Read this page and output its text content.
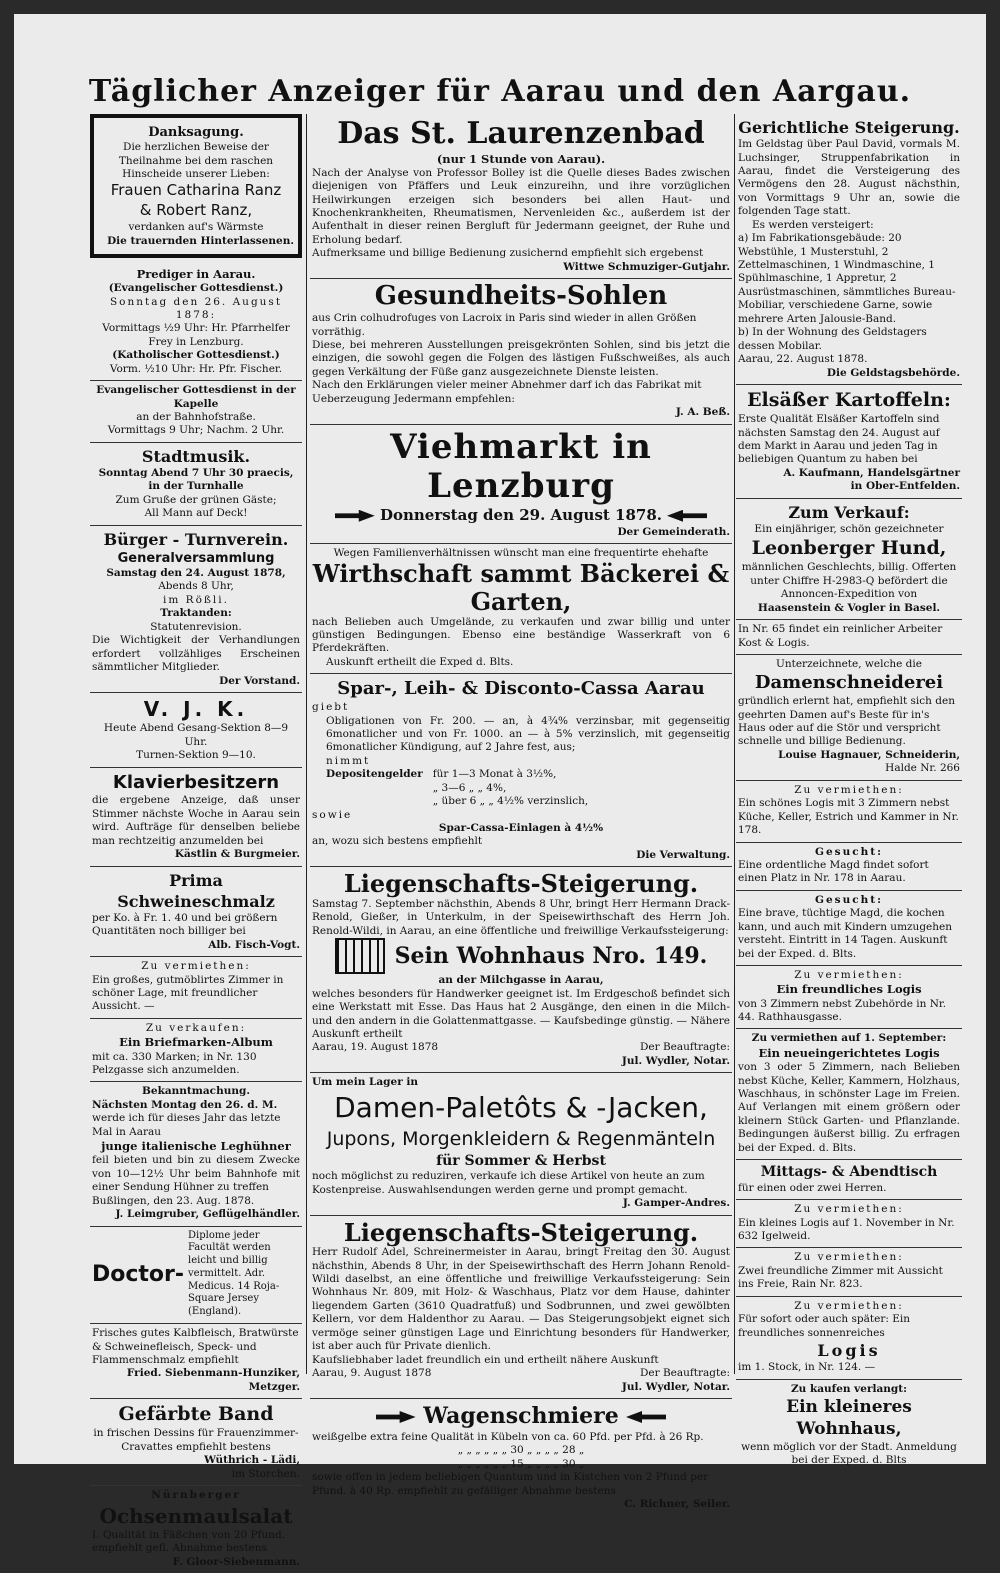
Täglicher Anzeiger für Aarau und den Aargau.
Danksagung.
Die herzlichen Beweise der Theilnahme bei dem raschen Hinscheide unserer Lieben:
Frauen Catharina Ranz
& Robert Ranz,
verdanken auf's Wärmste
Die trauernden Hinterlassenen.
Prediger in Aarau.
(Evangelischer Gottesdienst.)
Sonntag den 26. August 1878:
Vormittags ½9 Uhr: Hr. Pfarrhelfer Frey in Lenzburg.
(Katholischer Gottesdienst.)
Vorm. ½10 Uhr: Hr. Pfr. Fischer.
Evangelischer Gottesdienst in der Kapelle
an der Bahnhofstraße.
Vormittags 9 Uhr; Nachm. 2 Uhr.
Stadtmusik.
Sonntag Abend 7 Uhr 30 praecis,
in der Turnhalle
Zum Gruße der grünen Gäste;
All Mann auf Deck!
Bürger - Turnverein.
Generalversammlung
Samstag den 24. August 1878,
Abends 8 Uhr,
im Rößli.
Traktanden:
Statutenrevision.
Die Wichtigkeit der Verhandlungen erfordert vollzähliges Erscheinen sämmtlicher Mitglieder.
Der Vorstand.
V. J. K.
Heute Abend Gesang-Sektion 8—9 Uhr.
Turnen-Sektion 9—10.
Klavierbesitzern
die ergebene Anzeige, daß unser Stimmer nächste Woche in Aarau sein wird. Aufträge für denselben beliebe man rechtzeitig anzumelden bei
Kästlin & Burgmeier.
Prima Schweineschmalz
per Ko. à Fr. 1. 40 und bei größern Quantitäten noch billiger bei
Alb. Fisch-Vogt.
Zu vermiethen:
Ein großes, gutmöblirtes Zimmer in schöner Lage, mit freundlicher Aussicht. —
Zu verkaufen:
Ein Briefmarken-Album
mit ca. 330 Marken; in Nr. 130 Pelzgasse sich anzumelden.
Bekanntmachung.
Nächsten Montag den 26. d. M.
werde ich für dieses Jahr das letzte Mal in Aarau
junge italienische Leghühner
feil bieten und bin zu diesem Zwecke von 10—12½ Uhr beim Bahnhofe mit einer Sendung Hühner zu treffen
Bußlingen, den 23. Aug. 1878.
J. Leimgruber, Geflügelhändler.
Doctor-
Diplome jeder Facultät werden leicht und billig vermittelt. Adr. Medicus. 14 Roja-Square Jersey (England).
Frisches gutes Kalbfleisch, Bratwürste & Schweinefleisch, Speck- und Flammenschmalz empfiehlt
Fried. Siebenmann-Hunziker, Metzger.
Gefärbte Band
in frischen Dessins für Frauenzimmer-Cravattes empfiehlt bestens
Wüthrich - Lädi,
im Storchen.
Nürnberger
Ochsenmaulsalat
I. Qualität in Fäßchen von 20 Pfund. empfiehlt gefl. Abnahme bestens
F. Gloor-Siebenmann.
Das St. Laurenzenbad
(nur 1 Stunde von Aarau).
Nach der Analyse von Professor Bolley ist die Quelle dieses Bades zwischen diejenigen von Pfäffers und Leuk einzureihn, und ihre vorzüglichen Heilwirkungen erzeigen sich besonders bei allen Haut- und Knochenkrankheiten, Rheumatismen, Nervenleiden &c., außerdem ist der Aufenthalt in dieser reinen Bergluft für Jedermann geeignet, der Ruhe und Erholung bedarf.
Aufmerksame und billige Bedienung zusichernd empfiehlt sich ergebenst
Wittwe Schmuziger-Gutjahr.
Gesundheits-Sohlen
aus Crin colhudrofuges von Lacroix in Paris sind wieder in allen Größen vorräthig.
Diese, bei mehreren Ausstellungen preisgekrönten Sohlen, sind bis jetzt die einzigen, die sowohl gegen die Folgen des lästigen Fußschweißes, als auch gegen Verkältung der Füße ganz ausgezeichnete Dienste leisten.
Nach den Erklärungen vieler meiner Abnehmer darf ich das Fabrikat mit Ueberzeugung Jedermann empfehlen:
J. A. Beß.
Viehmarkt in Lenzburg
Donnerstag den 29. August 1878.
Der Gemeinderath.
Wegen Familienverhältnissen wünscht man eine frequentirte ehehafte
Wirthschaft sammt Bäckerei & Garten,
nach Belieben auch Umgelände, zu verkaufen und zwar billig und unter günstigen Bedingungen. Ebenso eine beständige Wasserkraft von 6 Pferdekräften.
Auskunft ertheilt die Exped d. Blts.
Spar-, Leih- & Disconto-Cassa Aarau
giebt
Obligationen von Fr. 200. — an, à 4¾% verzinsbar, mit gegenseitig 6monatlicher und von Fr. 1000. an — à 5% verzinslich, mit gegenseitig 6monatlicher Kündigung, auf 2 Jahre fest, aus;
nimmt
Depositengelder für 1—3 Monat à 3½%,
„ 3—6 „ „ 4%,
„ über 6 „ „ 4½% verzinslich,
sowie
Spar-Cassa-Einlagen à 4½%
an, wozu sich bestens empfiehlt
Die Verwaltung.
Liegenschafts-Steigerung.
Samstag 7. September nächsthin, Abends 8 Uhr, bringt Herr Hermann Drack-Renold, Gießer, in Unterkulm, in der Speisewirthschaft des Herrn Joh. Renold-Wildi, in Aarau, an eine öffentliche und freiwillige Verkaufssteigerung:
Sein Wohnhaus Nro. 149.
an der Milchgasse in Aarau,
welches besonders für Handwerker geeignet ist. Im Erdgeschoß befindet sich eine Werkstatt mit Esse. Das Haus hat 2 Ausgänge, den einen in die Milch- und den andern in die Golattenmattgasse. — Kaufsbedinge günstig. — Nähere Auskunft ertheilt
Aarau, 19. August 1878	Der Beauftragte:
Jul. Wydler, Notar.
Um mein Lager in
Damen-Paletôts & -Jacken,
Jupons, Morgenkleidern & Regenmänteln
für Sommer & Herbst
noch möglichst zu reduziren, verkaufe ich diese Artikel von heute an zum Kostenpreise. Auswahlsendungen werden gerne und prompt gemacht.
J. Gamper-Andres.
Liegenschafts-Steigerung.
Herr Rudolf Adel, Schreinermeister in Aarau, bringt Freitag den 30. August nächsthin, Abends 8 Uhr, in der Speisewirthschaft des Herrn Johann Renold-Wildi daselbst, an eine öffentliche und freiwillige Verkaufssteigerung: Sein Wohnhaus Nr. 809, mit Holz- & Waschhaus, Platz vor dem Hause, dahinter liegendem Garten (3610 Quadratfuß) und Sodbrunnen, und zwei gewölbten Kellern, vor dem Haldenthor zu Aarau. — Das Steigerungsobjekt eignet sich vermöge seiner günstigen Lage und Einrichtung besonders für Handwerker, ist aber auch für Private dienlich.
Kaufsliebhaber ladet freundlich ein und ertheilt nähere Auskunft
Aarau, 9. August 1878	Der Beauftragte:
Jul. Wydler, Notar.
Wagenschmiere
weißgelbe extra feine Qualität in Kübeln von ca. 60 Pfd. per Pfd. à 26 Rp.
„ „ „ „ „ „ 30 „ „ „ „ 28 „
„ „ „ „ „ „ 15 „ „ „ „ 30 „
sowie offen in jedem beliebigen Quantum und in Kistchen von 2 Pfund per Pfund. à 40 Rp. empfiehlt zu gefälliger Abnahme bestens
C. Richner, Seiler.
Gerichtliche Steigerung.
Im Geldstag über Paul David, vormals M. Luchsinger, Struppenfabrikation in Aarau, findet die Versteigerung des Vermögens den 28. August nächsthin, von Vormittags 9 Uhr an, sowie die folgenden Tage statt.
Es werden versteigert:
a) Im Fabrikationsgebäude: 20 Webstühle, 1 Musterstuhl, 2 Zettelmaschinen, 1 Windmaschine, 1 Spühlmaschine, 1 Appretur, 2 Ausrüstmaschinen, sämmtliches Bureau-Mobiliar, verschiedene Garne, sowie mehrere Arten Jalousie-Band.
b) In der Wohnung des Geldstagers dessen Mobilar.
Aarau, 22. August 1878.
Die Geldstagsbehörde.
Elsäßer Kartoffeln:
Erste Qualität Elsäßer Kartoffeln sind nächsten Samstag den 24. August auf dem Markt in Aarau und jeden Tag in beliebigen Quantum zu haben bei
A. Kaufmann, Handelsgärtner
in Ober-Entfelden.
Zum Verkauf:
Ein einjähriger, schön gezeichneter
Leonberger Hund,
männlichen Geschlechts, billig. Offerten unter Chiffre H-2983-Q befördert die Annoncen-Expedition von
Haasenstein & Vogler in Basel.
In Nr. 65 findet ein reinlicher Arbeiter Kost & Logis.
Unterzeichnete, welche die
Damenschneiderei
gründlich erlernt hat, empfiehlt sich den geehrten Damen auf's Beste für in's Haus oder auf die Stör und verspricht schnelle und billige Bedienung.
Louise Hagnauer, Schneiderin,
Halde Nr. 266
Zu vermiethen:
Ein schönes Logis mit 3 Zimmern nebst Küche, Keller, Estrich und Kammer in Nr. 178.
Gesucht:
Eine ordentliche Magd findet sofort einen Platz in Nr. 178 in Aarau.
Gesucht:
Eine brave, tüchtige Magd, die kochen kann, und auch mit Kindern umzugehen versteht. Eintritt in 14 Tagen. Auskunft bei der Exped. d. Blts.
Zu vermiethen:
Ein freundliches Logis
von 3 Zimmern nebst Zubehörde in Nr. 44. Rathhausgasse.
Zu vermiethen auf 1. September:
Ein neueingerichtetes Logis
von 3 oder 5 Zimmern, nach Belieben nebst Küche, Keller, Kammern, Holzhaus, Waschhaus, in schönster Lage im Freien. Auf Verlangen mit einem größern oder kleinern Stück Garten- und Pflanzlande. Bedingungen äußerst billig. Zu erfragen bei der Exped. d. Blts.
Mittags- & Abendtisch
für einen oder zwei Herren.
Zu vermiethen:
Ein kleines Logis auf 1. November in Nr. 632 Igelweid.
Zu vermiethen:
Zwei freundliche Zimmer mit Aussicht ins Freie, Rain Nr. 823.
Zu vermiethen:
Für sofort oder auch später: Ein freundliches sonnenreiches
Logis
im 1. Stock, in Nr. 124. —
Zu kaufen verlangt:
Ein kleineres Wohnhaus,
wenn möglich vor der Stadt. Anmeldung bei der Exped. d. Blts
